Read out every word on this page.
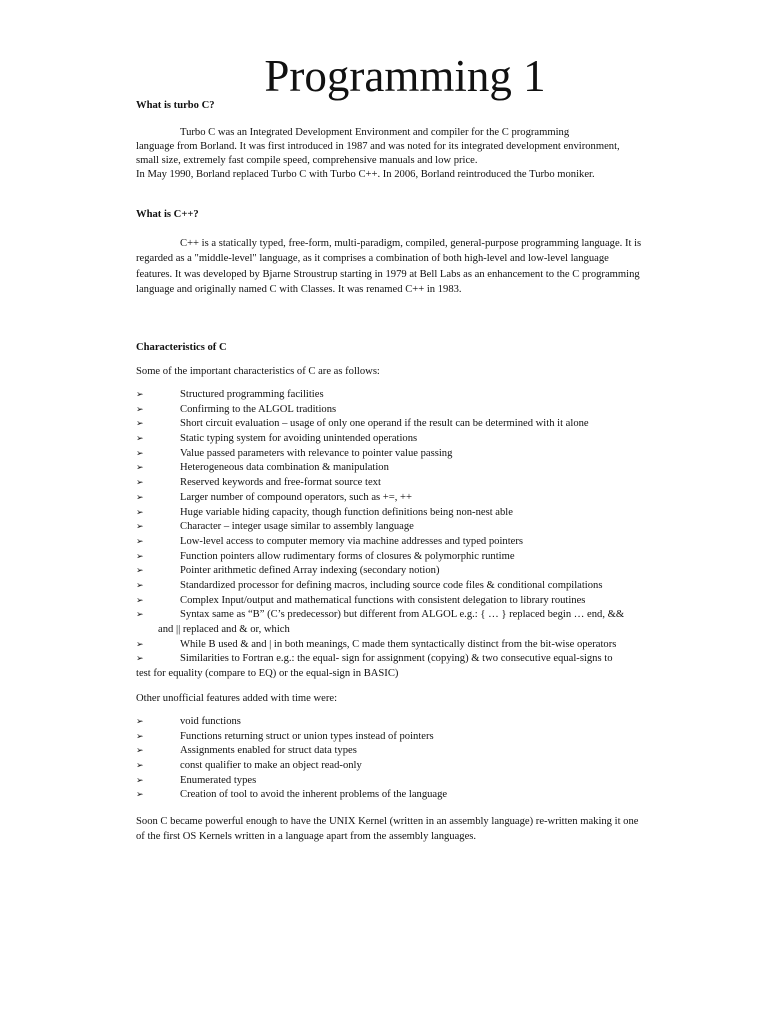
Programming 1
What is turbo C?
Turbo C was an Integrated Development Environment and compiler for the C programming
language from Borland. It was first introduced in 1987 and was noted for its integrated development environment,
small size, extremely fast compile speed, comprehensive manuals and low price.
In May 1990, Borland replaced Turbo C with Turbo C++. In 2006, Borland reintroduced the Turbo moniker.
What is C++?
C++ is a statically typed, free-form, multi-paradigm, compiled, general-purpose programming language. It is
regarded as a "middle-level" language, as it comprises a combination of both high-level and low-level language
features. It was developed by Bjarne Stroustrup starting in 1979 at Bell Labs as an enhancement to the C programming
language and originally named C with Classes. It was renamed C++ in 1983.
Characteristics of C
Some of the important characteristics of C are as follows:
➢	Structured programming facilities
➢	Confirming to the ALGOL traditions
➢	Short circuit evaluation – usage of only one operand if the result can be determined with it alone
➢	Static typing system for avoiding unintended operations
➢	Value passed parameters with relevance to pointer value passing
➢	Heterogeneous data combination & manipulation
➢	Reserved keywords and free-format source text
➢	Larger number of compound operators, such as +=, ++
➢	Huge variable hiding capacity, though function definitions being non-nest able
➢	Character – integer usage similar to assembly language
➢	Low-level access to computer memory via machine addresses and typed pointers
➢	Function pointers allow rudimentary forms of closures & polymorphic runtime
➢	Pointer arithmetic defined Array indexing (secondary notion)
➢	Standardized processor for defining macros, including source code files & conditional compilations
➢	Complex Input/output and mathematical functions with consistent delegation to library routines
➢	Syntax same as “B” (C’s predecessor) but different from ALGOL e.g.: { … } replaced begin … end, &&
and || replaced and & or, which
➢	While B used & and | in both meanings, C made them syntactically distinct from the bit-wise operators
➢	Similarities to Fortran e.g.: the equal- sign for assignment (copying) & two consecutive equal-signs to
test for equality (compare to EQ) or the equal-sign in BASIC)
Other unofficial features added with time were:
➢	void functions
➢	Functions returning struct or union types instead of pointers
➢	Assignments enabled for struct data types
➢	const qualifier to make an object read-only
➢	Enumerated types
➢	Creation of tool to avoid the inherent problems of the language
Soon C became powerful enough to have the UNIX Kernel (written in an assembly language) re-written making it one
of the first OS Kernels written in a language apart from the assembly languages.
